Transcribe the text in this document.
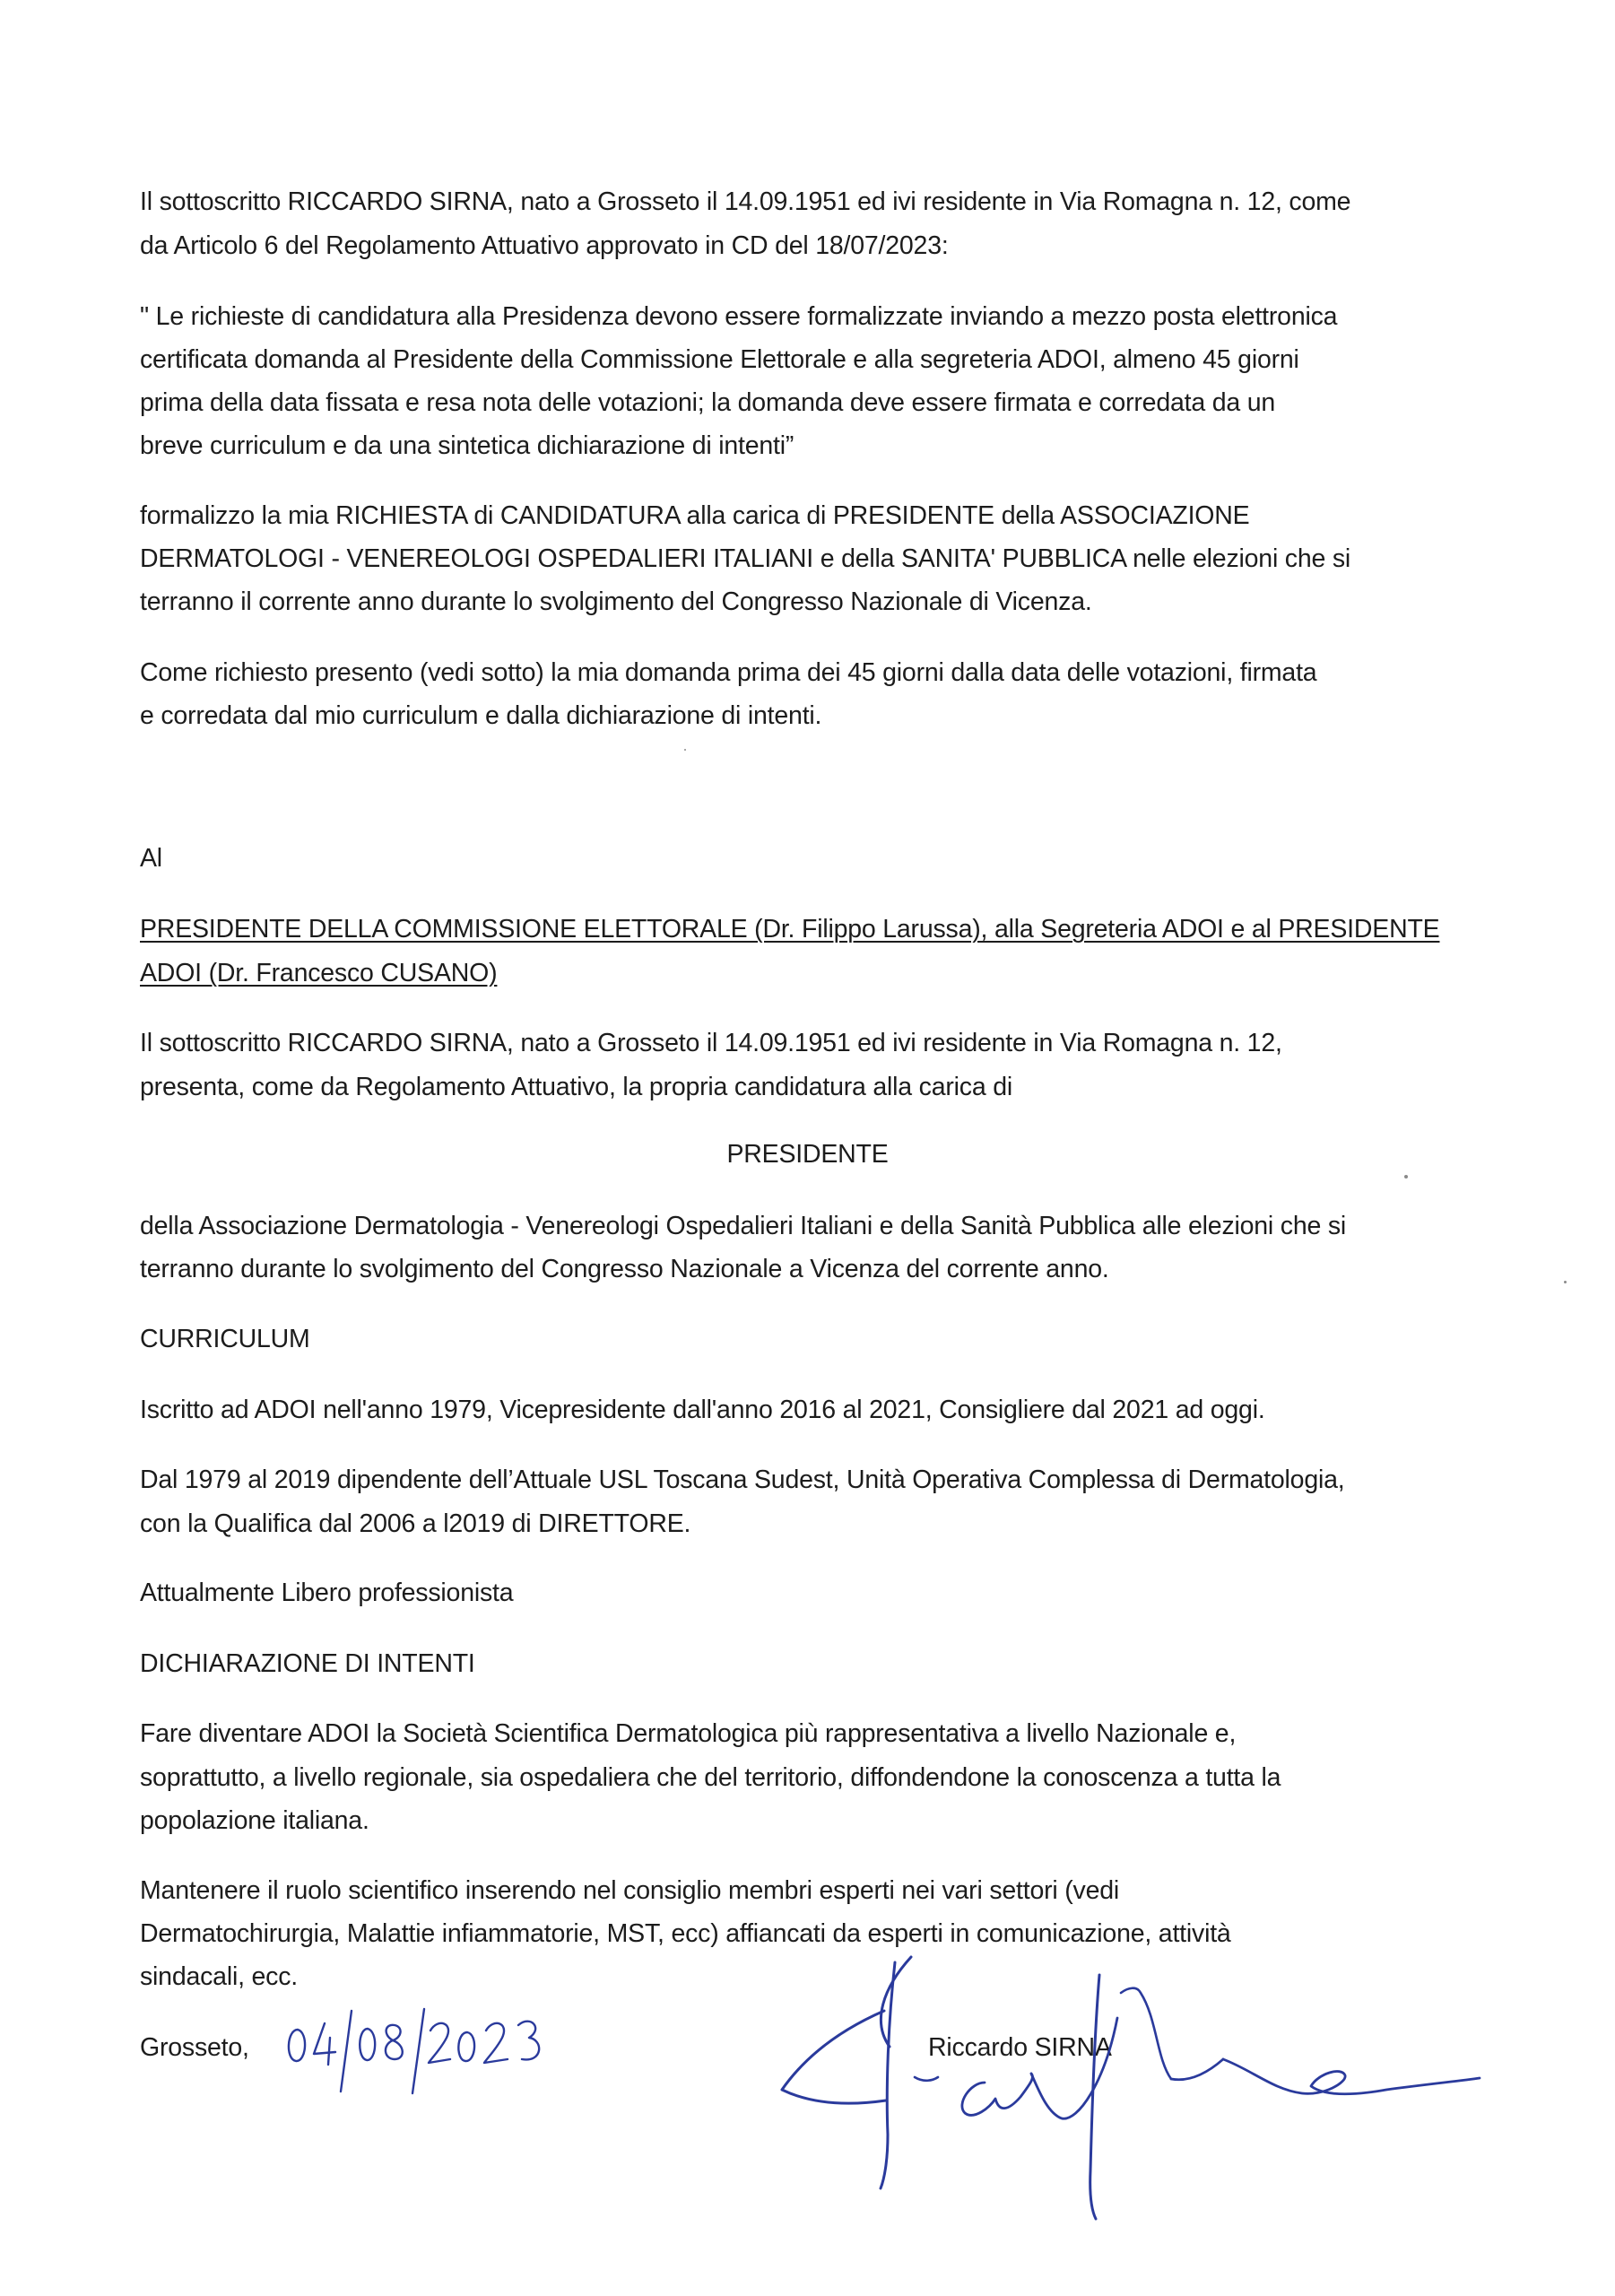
Il sottoscritto RICCARDO SIRNA, nato a Grosseto il 14.09.1951 ed ivi residente in Via Romagna n. 12, come
da Articolo 6 del Regolamento Attuativo approvato in CD del 18/07/2023:
" Le richieste di candidatura alla Presidenza devono essere formalizzate inviando a mezzo posta elettronica
certificata domanda al Presidente della Commissione Elettorale e alla segreteria ADOI, almeno 45 giorni
prima della data fissata e resa nota delle votazioni; la domanda deve essere firmata e corredata da un
breve curriculum e da una sintetica dichiarazione di intenti”
formalizzo la mia RICHIESTA di CANDIDATURA alla carica di PRESIDENTE della ASSOCIAZIONE
DERMATOLOGI - VENEREOLOGI OSPEDALIERI ITALIANI e della SANITA' PUBBLICA nelle elezioni che si
terranno il corrente anno durante lo svolgimento del Congresso Nazionale di Vicenza.
Come richiesto presento (vedi sotto) la mia domanda prima dei 45 giorni dalla data delle votazioni, firmata
e corredata dal mio curriculum e dalla dichiarazione di intenti.
Al
PRESIDENTE DELLA COMMISSIONE ELETTORALE (Dr. Filippo Larussa), alla Segreteria ADOI e al PRESIDENTE
ADOI (Dr. Francesco CUSANO)
Il sottoscritto RICCARDO SIRNA, nato a Grosseto il 14.09.1951 ed ivi residente in Via Romagna n. 12,
presenta, come da Regolamento Attuativo, la propria candidatura alla carica di
PRESIDENTE
della Associazione Dermatologia - Venereologi Ospedalieri Italiani e della Sanità Pubblica alle elezioni che si
terranno durante lo svolgimento del Congresso Nazionale a Vicenza del corrente anno.
CURRICULUM
Iscritto ad ADOI nell'anno 1979, Vicepresidente dall'anno 2016 al 2021, Consigliere dal 2021 ad oggi.
Dal 1979 al 2019 dipendente dell’Attuale USL Toscana Sudest, Unità Operativa Complessa di Dermatologia,
con la Qualifica dal 2006 a l2019 di DIRETTORE.
Attualmente Libero professionista
DICHIARAZIONE DI INTENTI
Fare diventare ADOI la Società Scientifica Dermatologica più rappresentativa a livello Nazionale e,
soprattutto, a livello regionale, sia ospedaliera che del territorio, diffondendone la conoscenza a tutta la
popolazione italiana.
Mantenere il ruolo scientifico inserendo nel consiglio membri esperti nei vari settori (vedi
Dermatochirurgia, Malattie infiammatorie, MST, ecc) affiancati da esperti in comunicazione, attività
sindacali, ecc.
Grosseto,	Riccardo SIRNA
